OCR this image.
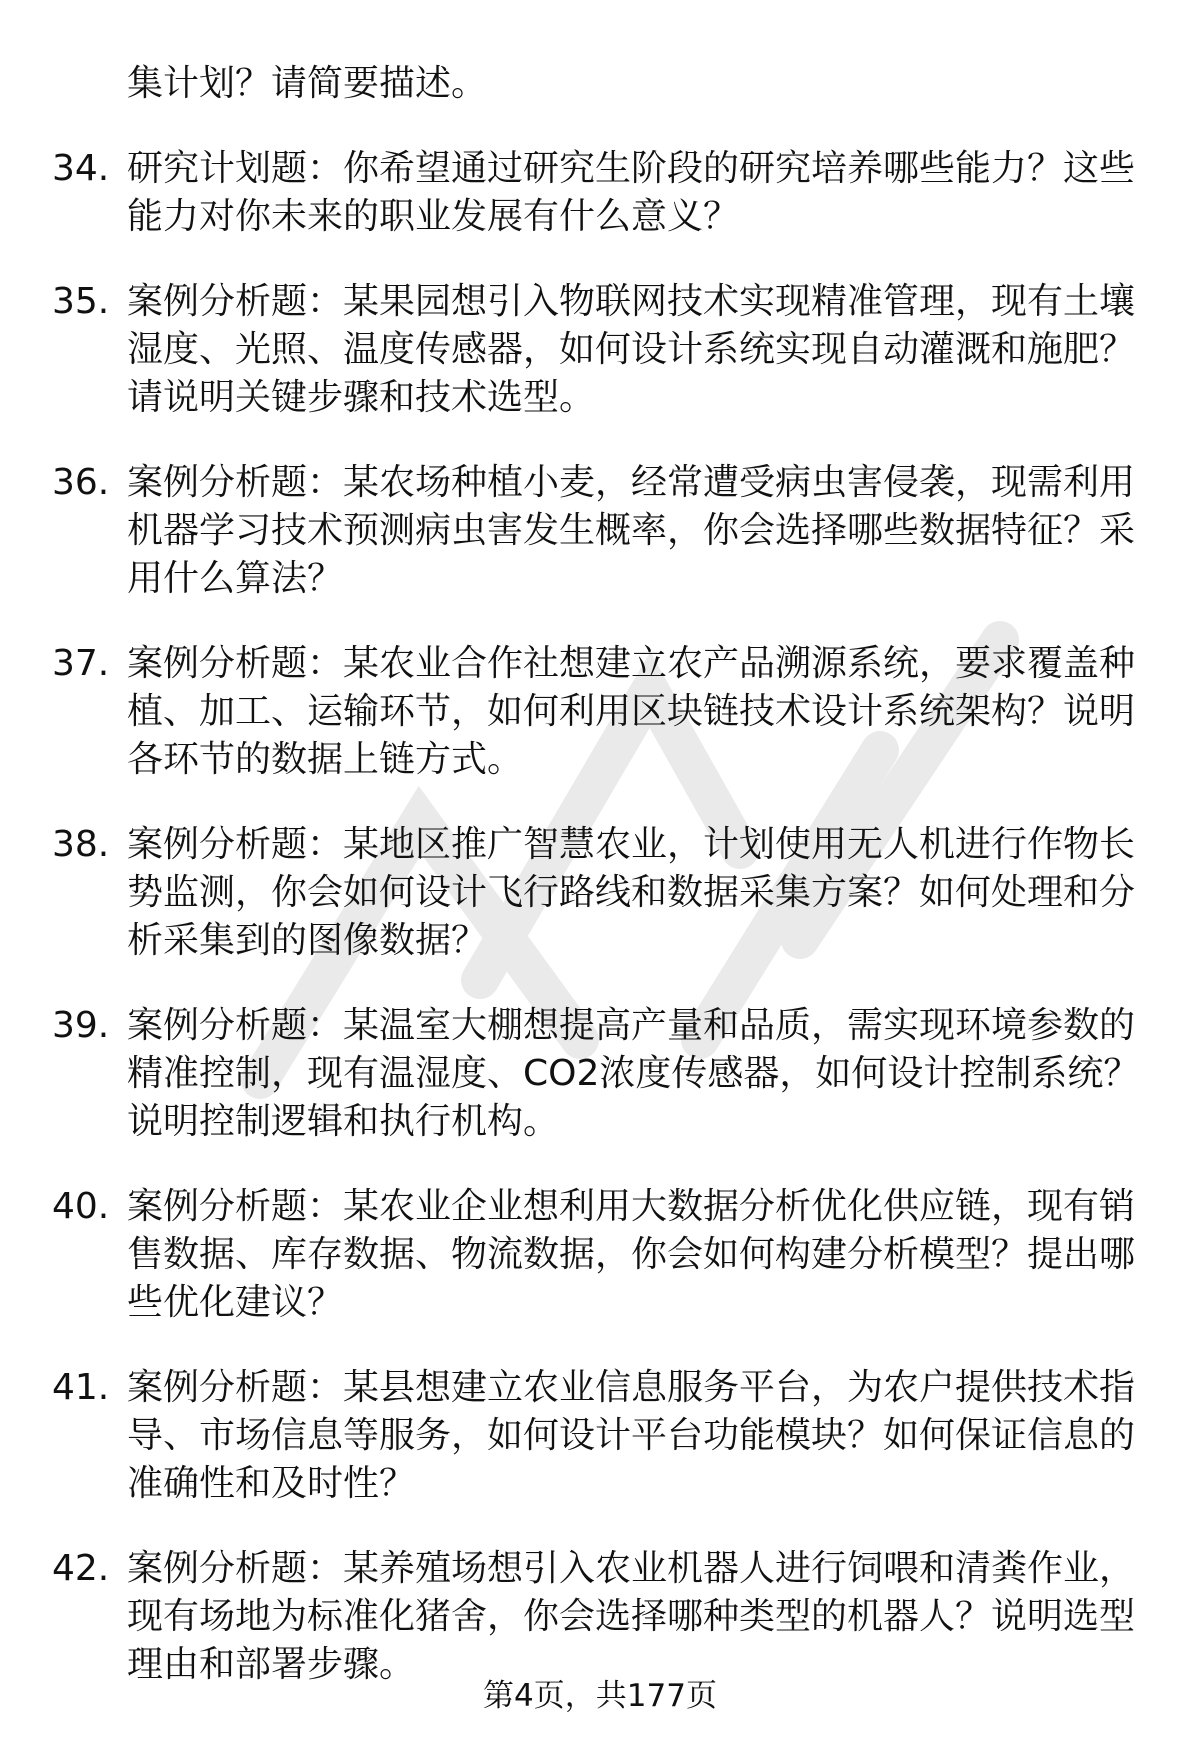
集计划？请简要描述。
34. 研究计划题：你希望通过研究生阶段的研究培养哪些能力？这些
能力对你未来的职业发展有什么意义？
35. 案例分析题：某果园想引入物联网技术实现精准管理，现有土壤
湿度、光照、温度传感器，如何设计系统实现自动灌溉和施肥？
请说明关键步骤和技术选型。
36. 案例分析题：某农场种植小麦，经常遭受病虫害侵袭，现需利用
机器学习技术预测病虫害发生概率，你会选择哪些数据特征？采
用什么算法？
37. 案例分析题：某农业合作社想建立农产品溯源系统，要求覆盖种
植、加工、运输环节，如何利用区块链技术设计系统架构？说明
各环节的数据上链方式。
38. 案例分析题：某地区推广智慧农业，计划使用无人机进行作物长
势监测，你会如何设计飞行路线和数据采集方案？如何处理和分
析采集到的图像数据？
39. 案例分析题：某温室大棚想提高产量和品质，需实现环境参数的
精准控制，现有温湿度、CO2浓度传感器，如何设计控制系统？
说明控制逻辑和执行机构。
40. 案例分析题：某农业企业想利用大数据分析优化供应链，现有销
售数据、库存数据、物流数据，你会如何构建分析模型？提出哪
些优化建议？
41. 案例分析题：某县想建立农业信息服务平台，为农户提供技术指
导、市场信息等服务，如何设计平台功能模块？如何保证信息的
准确性和及时性？
42. 案例分析题：某养殖场想引入农业机器人进行饲喂和清粪作业，
现有场地为标准化猪舍，你会选择哪种类型的机器人？说明选型
理由和部署步骤。
第4页，共177页
